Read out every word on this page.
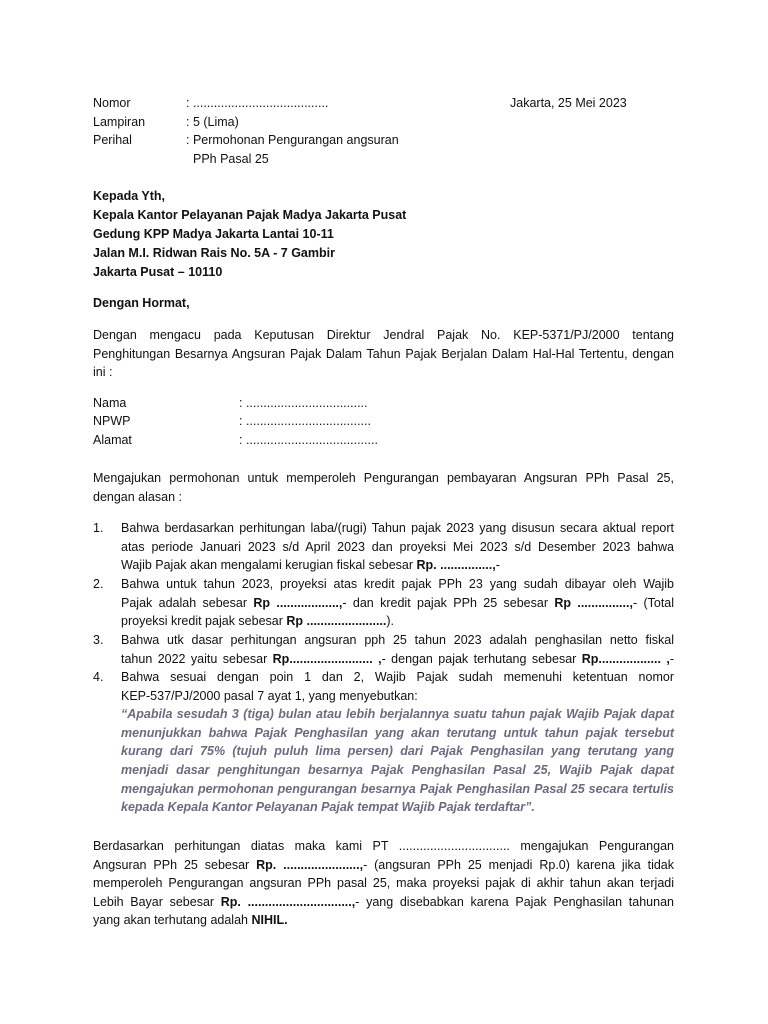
Nomor	: .......................................	Jakarta, 25 Mei 2023
Lampiran	: 5 (Lima)
Perihal	: Permohonan Pengurangan angsuran
PPh Pasal 25
Kepada Yth,
Kepala Kantor Pelayanan Pajak Madya Jakarta Pusat
Gedung KPP Madya Jakarta Lantai 10-11
Jalan M.I. Ridwan Rais No. 5A - 7 Gambir
Jakarta Pusat – 10110
Dengan Hormat,
Dengan mengacu pada Keputusan Direktur Jendral Pajak No. KEP-5371/PJ/2000 tentang
Penghitungan Besarnya Angsuran Pajak Dalam Tahun Pajak Berjalan Dalam Hal-Hal Tertentu, dengan
ini :
Nama	: ...................................
NPWP	: ....................................
Alamat	: ......................................
Mengajukan permohonan untuk memperoleh Pengurangan pembayaran Angsuran PPh Pasal 25,
dengan alasan :
1. Bahwa berdasarkan perhitungan laba/(rugi) Tahun pajak 2023 yang disusun secara aktual report
atas periode Januari 2023 s/d April 2023 dan proyeksi Mei 2023 s/d Desember 2023 bahwa
Wajib Pajak akan mengalami kerugian fiskal sebesar Rp. ...............,-
2. Bahwa untuk tahun 2023, proyeksi atas kredit pajak PPh 23 yang sudah dibayar oleh Wajib
Pajak adalah sebesar Rp ..................,- dan kredit pajak PPh 25 sebesar Rp ...............,- (Total
proyeksi kredit pajak sebesar Rp .......................).
3. Bahwa utk dasar perhitungan angsuran pph 25 tahun 2023 adalah penghasilan netto fiskal
tahun 2022 yaitu sebesar Rp........................ ,- dengan pajak terhutang sebesar Rp.................. ,-
4. Bahwa sesuai dengan poin 1 dan 2, Wajib Pajak sudah memenuhi ketentuan nomor
KEP-537/PJ/2000 pasal 7 ayat 1, yang menyebutkan:
“Apabila sesudah 3 (tiga) bulan atau lebih berjalannya suatu tahun pajak Wajib Pajak dapat
menunjukkan bahwa Pajak Penghasilan yang akan terutang untuk tahun pajak tersebut
kurang dari 75% (tujuh puluh lima persen) dari Pajak Penghasilan yang terutang yang
menjadi dasar penghitungan besarnya Pajak Penghasilan Pasal 25, Wajib Pajak dapat
mengajukan permohonan pengurangan besarnya Pajak Penghasilan Pasal 25 secara tertulis
kepada Kepala Kantor Pelayanan Pajak tempat Wajib Pajak terdaftar”.
Berdasarkan perhitungan diatas maka kami PT ................................ mengajukan Pengurangan
Angsuran PPh 25 sebesar Rp. ......................,- (angsuran PPh 25 menjadi Rp.0) karena jika tidak
memperoleh Pengurangan angsuran PPh pasal 25, maka proyeksi pajak di akhir tahun akan terjadi
Lebih Bayar sebesar Rp. ..............................,- yang disebabkan karena Pajak Penghasilan tahunan
yang akan terhutang adalah NIHIL.
